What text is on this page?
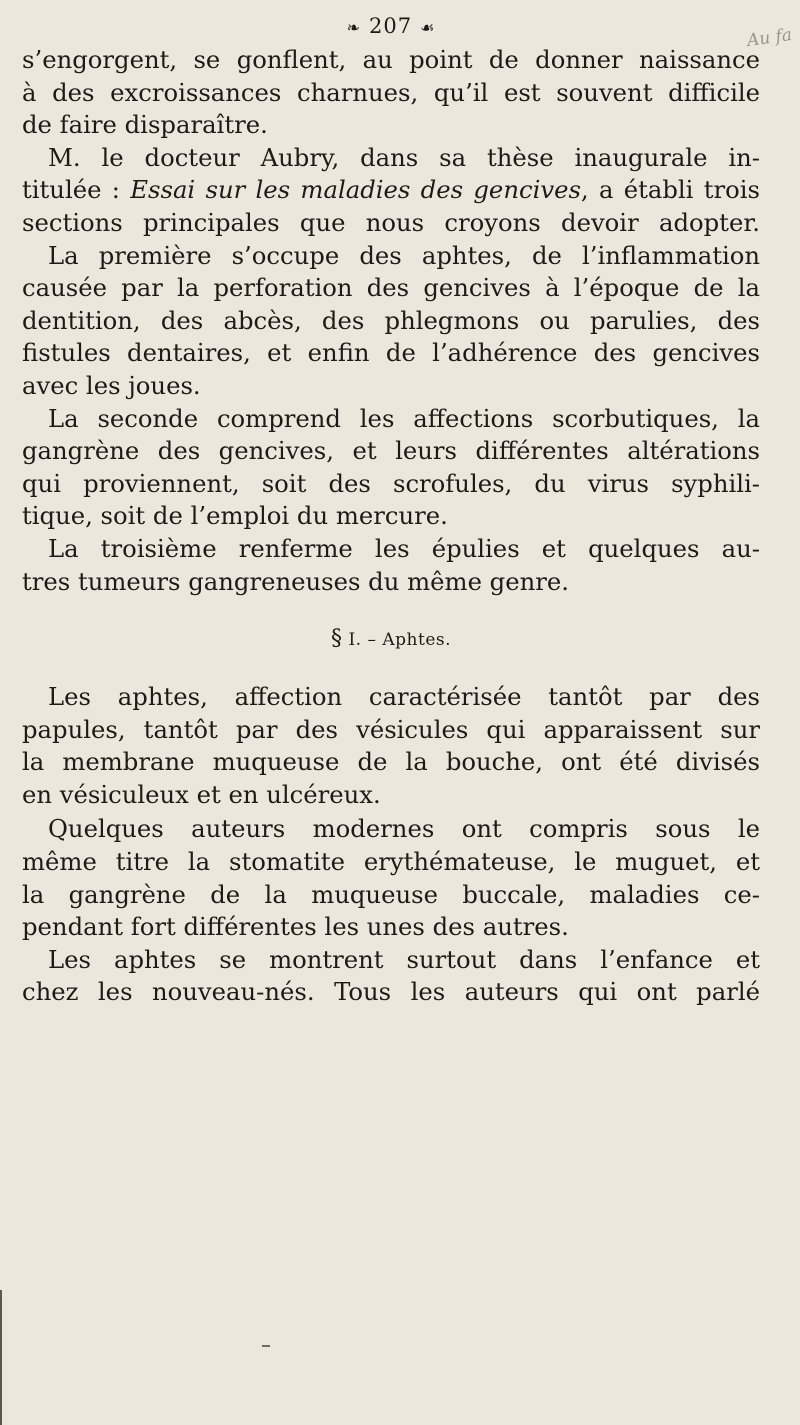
❧ 207 ☙	Au fa

s’engorgent, se gonflent, au point de donner naissance
à des excroissances charnues, qu’il est souvent difficile
de faire disparaître.

M. le docteur Aubry, dans sa thèse inaugurale in-
titulée : Essai sur les maladies des gencives, a établi trois
sections principales que nous croyons devoir adopter.

La première s’occupe des aphtes, de l’inflammation
causée par la perforation des gencives à l’époque de la
dentition, des abcès, des phlegmons ou parulies, des
fistules dentaires, et enfin de l’adhérence des gencives
avec les joues.

La seconde comprend les affections scorbutiques, la
gangrène des gencives, et leurs différentes altérations
qui proviennent, soit des scrofules, du virus syphili-
tique, soit de l’emploi du mercure.

La troisième renferme les épulies et quelques au-
tres tumeurs gangreneuses du même genre.

§ I. – Aphtes.

Les aphtes, affection caractérisée tantôt par des
papules, tantôt par des vésicules qui apparaissent sur
la membrane muqueuse de la bouche, ont été divisés
en vésiculeux et en ulcéreux.

Quelques auteurs modernes ont compris sous le
même titre la stomatite erythémateuse, le muguet, et
la gangrène de la muqueuse buccale, maladies ce-
pendant fort différentes les unes des autres.

Les aphtes se montrent surtout dans l’enfance et
chez les nouveau-nés. Tous les auteurs qui ont parlé
